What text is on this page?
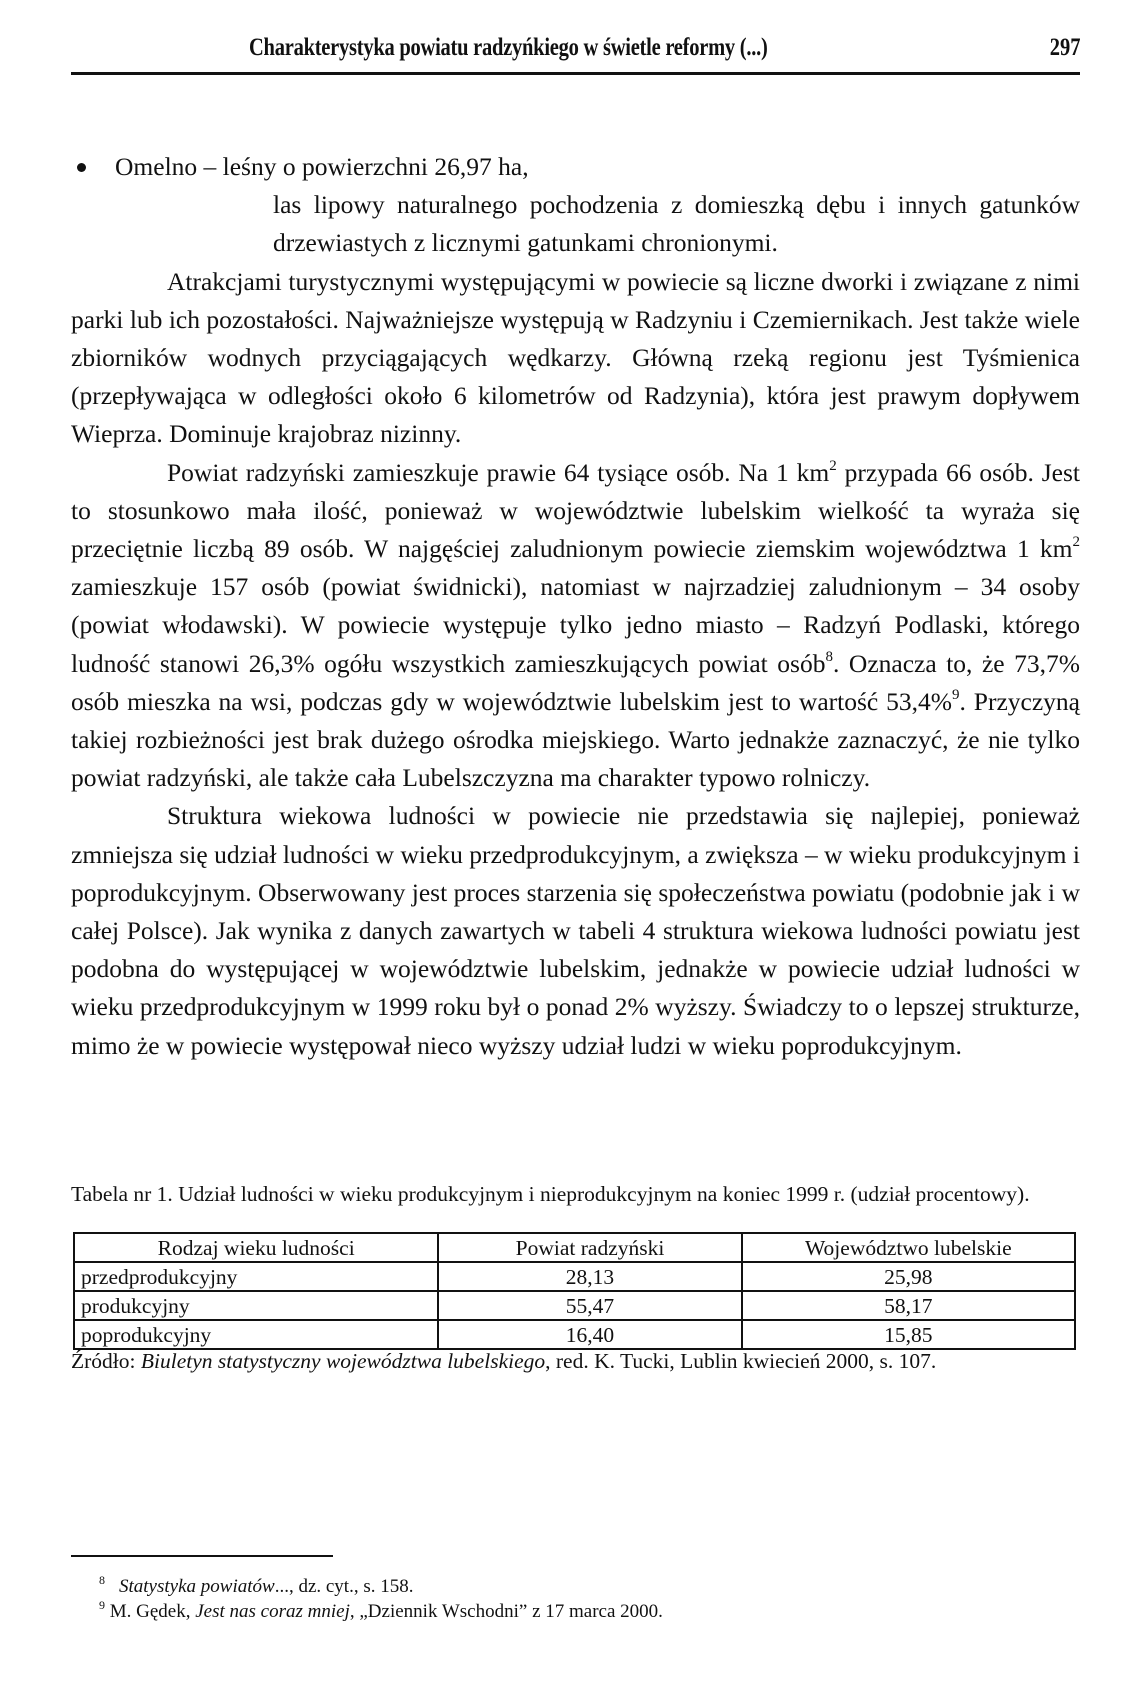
Charakterystyka powiatu radzyńkiego w świetle reformy (...)	297

Omelno – leśny o powierzchni 26,97 ha,

las lipowy naturalnego pochodzenia z domieszką dębu i innych gatunków drzewiastych z licznymi gatunkami chronionymi.

Atrakcjami turystycznymi występującymi w powiecie są liczne dworki i związane z nimi parki lub ich pozostałości. Najważniejsze występują w Radzyniu i Czemiernikach. Jest także wiele zbiorników wodnych przyciągających wędkarzy. Główną rzeką regionu jest Tyśmienica (przepływająca w odległości około 6 kilometrów od Radzynia), która jest prawym dopływem Wieprza. Dominuje krajobraz nizinny.

Powiat radzyński zamieszkuje prawie 64 tysiące osób. Na 1 $km^2$ przypada 66 osób. Jest to stosunkowo mała ilość, ponieważ w województwie lubelskim wielkość ta wyraża się przeciętnie liczbą 89 osób. W najgęściej zaludnionym powiecie ziemskim województwa 1 $km^2$ zamieszkuje 157 osób (powiat świdnicki), natomiast w najrzadziej zaludnionym – 34 osoby (powiat włodawski). W powiecie występuje tylko jedno miasto – Radzyń Podlaski, którego ludność stanowi 26,3% ogółu wszystkich zamieszkujących powiat osób$^8$. Oznacza to, że 73,7% osób mieszka na wsi, podczas gdy w województwie lubelskim jest to wartość 53,4%$^9$. Przyczyną takiej rozbieżności jest brak dużego ośrodka miejskiego. Warto jednakże zaznaczyć, że nie tylko powiat radzyński, ale także cała Lubelszczyzna ma charakter typowo rolniczy.

Struktura wiekowa ludności w powiecie nie przedstawia się najlepiej, ponieważ zmniejsza się udział ludności w wieku przedprodukcyjnym, a zwiększa – w wieku produkcyjnym i poprodukcyjnym. Obserwowany jest proces starzenia się społeczeństwa powiatu (podobnie jak i w całej Polsce). Jak wynika z danych zawartych w tabeli 4 struktura wiekowa ludności powiatu jest podobna do występującej w województwie lubelskim, jednakże w powiecie udział ludności w wieku przedprodukcyjnym w 1999 roku był o ponad 2% wyższy. Świadczy to o lepszej strukturze, mimo że w powiecie występował nieco wyższy udział ludzi w wieku poprodukcyjnym.

Tabela nr 1. Udział ludności w wieku produkcyjnym i nieprodukcyjnym na koniec 1999 r. (udział procentowy).
Rodzaj wieku ludności	Powiat radzyński	Województwo lubelskie
przedprodukcyjny	28,13	25,98
produkcyjny	55,47	58,17
poprodukcyjny	16,40	15,85
Źródło: Biuletyn statystyczny województwa lubelskiego, red. K. Tucki, Lublin kwiecień 2000, s. 107.

$^8$ Statystyka powiatów..., dz. cyt., s. 158.

$^9$ M. Gędek, Jest nas coraz mniej, „Dziennik Wschodni” z 17 marca 2000.
